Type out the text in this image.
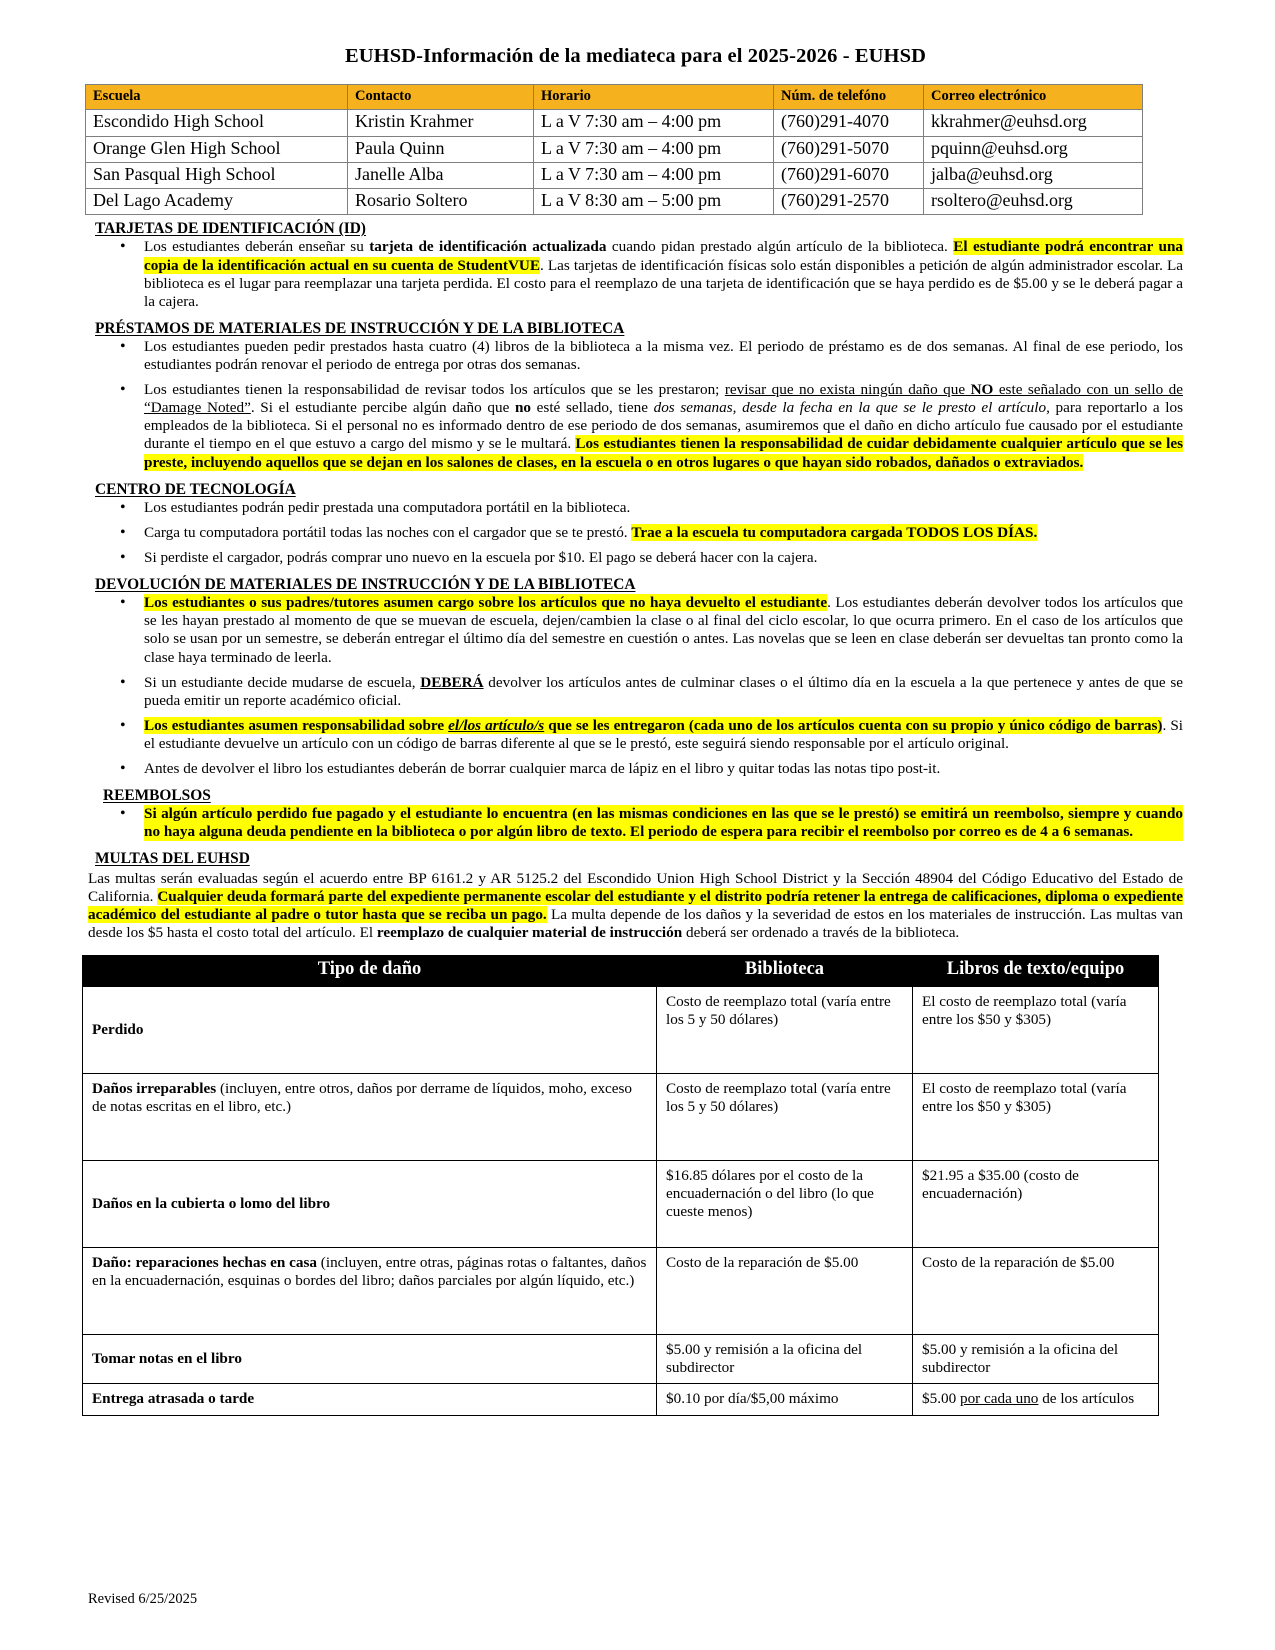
EUHSD-Información de la mediateca para el 2025-2026 - EUHSD
Escuela	Contacto	Horario	Núm. de telefóno	Correo electrónico
Escondido High School	Kristin Krahmer	L a V 7:30 am – 4:00 pm	(760)291-4070	kkrahmer@euhsd.org
Orange Glen High School	Paula Quinn	L a V 7:30 am – 4:00 pm	(760)291-5070	pquinn@euhsd.org
San Pasqual High School	Janelle Alba	L a V 7:30 am – 4:00 pm	(760)291-6070	jalba@euhsd.org
Del Lago Academy	Rosario Soltero	L a V 8:30 am – 5:00 pm	(760)291-2570	rsoltero@euhsd.org
TARJETAS DE IDENTIFICACIÓN (ID)
• Los estudiantes deberán enseñar su tarjeta de identificación actualizada cuando pidan prestado algún artículo de la biblioteca. El estudiante podrá encontrar una copia de la identificación actual en su cuenta de StudentVUE. Las tarjetas de identificación físicas solo están disponibles a petición de algún administrador escolar. La biblioteca es el lugar para reemplazar una tarjeta perdida. El costo para el reemplazo de una tarjeta de identificación que se haya perdido es de $5.00 y se le deberá pagar a la cajera.
PRÉSTAMOS DE MATERIALES DE INSTRUCCIÓN Y DE LA BIBLIOTECA
• Los estudiantes pueden pedir prestados hasta cuatro (4) libros de la biblioteca a la misma vez. El periodo de préstamo es de dos semanas. Al final de ese periodo, los estudiantes podrán renovar el periodo de entrega por otras dos semanas.
• Los estudiantes tienen la responsabilidad de revisar todos los artículos que se les prestaron; revisar que no exista ningún daño que NO este señalado con un sello de “Damage Noted”. Si el estudiante percibe algún daño que no esté sellado, tiene dos semanas, desde la fecha en la que se le presto el artículo, para reportarlo a los empleados de la biblioteca. Si el personal no es informado dentro de ese periodo de dos semanas, asumiremos que el daño en dicho artículo fue causado por el estudiante durante el tiempo en el que estuvo a cargo del mismo y se le multará. Los estudiantes tienen la responsabilidad de cuidar debidamente cualquier artículo que se les preste, incluyendo aquellos que se dejan en los salones de clases, en la escuela o en otros lugares o que hayan sido robados, dañados o extraviados.
CENTRO DE TECNOLOGÍA
• Los estudiantes podrán pedir prestada una computadora portátil en la biblioteca.
• Carga tu computadora portátil todas las noches con el cargador que se te prestó. Trae a la escuela tu computadora cargada TODOS LOS DÍAS.
• Si perdiste el cargador, podrás comprar uno nuevo en la escuela por $10. El pago se deberá hacer con la cajera.
DEVOLUCIÓN DE MATERIALES DE INSTRUCCIÓN Y DE LA BIBLIOTECA
• Los estudiantes o sus padres/tutores asumen cargo sobre los artículos que no haya devuelto el estudiante. Los estudiantes deberán devolver todos los artículos que se les hayan prestado al momento de que se muevan de escuela, dejen/cambien la clase o al final del ciclo escolar, lo que ocurra primero. En el caso de los artículos que solo se usan por un semestre, se deberán entregar el último día del semestre en cuestión o antes. Las novelas que se leen en clase deberán ser devueltas tan pronto como la clase haya terminado de leerla.
• Si un estudiante decide mudarse de escuela, DEBERÁ devolver los artículos antes de culminar clases o el último día en la escuela a la que pertenece y antes de que se pueda emitir un reporte académico oficial.
• Los estudiantes asumen responsabilidad sobre el/los artículo/s que se les entregaron (cada uno de los artículos cuenta con su propio y único código de barras). Si el estudiante devuelve un artículo con un código de barras diferente al que se le prestó, este seguirá siendo responsable por el artículo original.
• Antes de devolver el libro los estudiantes deberán de borrar cualquier marca de lápiz en el libro y quitar todas las notas tipo post-it.
REEMBOLSOS
• Si algún artículo perdido fue pagado y el estudiante lo encuentra (en las mismas condiciones en las que se le prestó) se emitirá un reembolso, siempre y cuando no haya alguna deuda pendiente en la biblioteca o por algún libro de texto. El periodo de espera para recibir el reembolso por correo es de 4 a 6 semanas.
MULTAS DEL EUHSD

Las multas serán evaluadas según el acuerdo entre BP 6161.2 y AR 5125.2 del Escondido Union High School District y la Sección 48904 del Código Educativo del Estado de California. Cualquier deuda formará parte del expediente permanente escolar del estudiante y el distrito podría retener la entrega de calificaciones, diploma o expediente académico del estudiante al padre o tutor hasta que se reciba un pago. La multa depende de los daños y la severidad de estos en los materiales de instrucción. Las multas van desde los $5 hasta el costo total del artículo. El reemplazo de cualquier material de instrucción deberá ser ordenado a través de la biblioteca.

Tipo de daño	Biblioteca	Libros de texto/equipo
Perdido	Costo de reemplazo total (varía entre los 5 y 50 dólares)	El costo de reemplazo total (varía entre los $50 y $305)
Daños irreparables (incluyen, entre otros, daños por derrame de líquidos, moho, exceso de notas escritas en el libro, etc.)	Costo de reemplazo total (varía entre los 5 y 50 dólares)	El costo de reemplazo total (varía entre los $50 y $305)
Daños en la cubierta o lomo del libro	$16.85 dólares por el costo de la encuadernación o del libro (lo que cueste menos)	$21.95 a $35.00 (costo de encuadernación)
Daño: reparaciones hechas en casa (incluyen, entre otras, páginas rotas o faltantes, daños en la encuadernación, esquinas o bordes del libro; daños parciales por algún líquido, etc.)	Costo de la reparación de $5.00	Costo de la reparación de $5.00
Tomar notas en el libro	$5.00 y remisión a la oficina del subdirector	$5.00 y remisión a la oficina del subdirector
Entrega atrasada o tarde	$0.10 por día/$5,00 máximo	$5.00 por cada uno de los artículos
Revised 6/25/2025
